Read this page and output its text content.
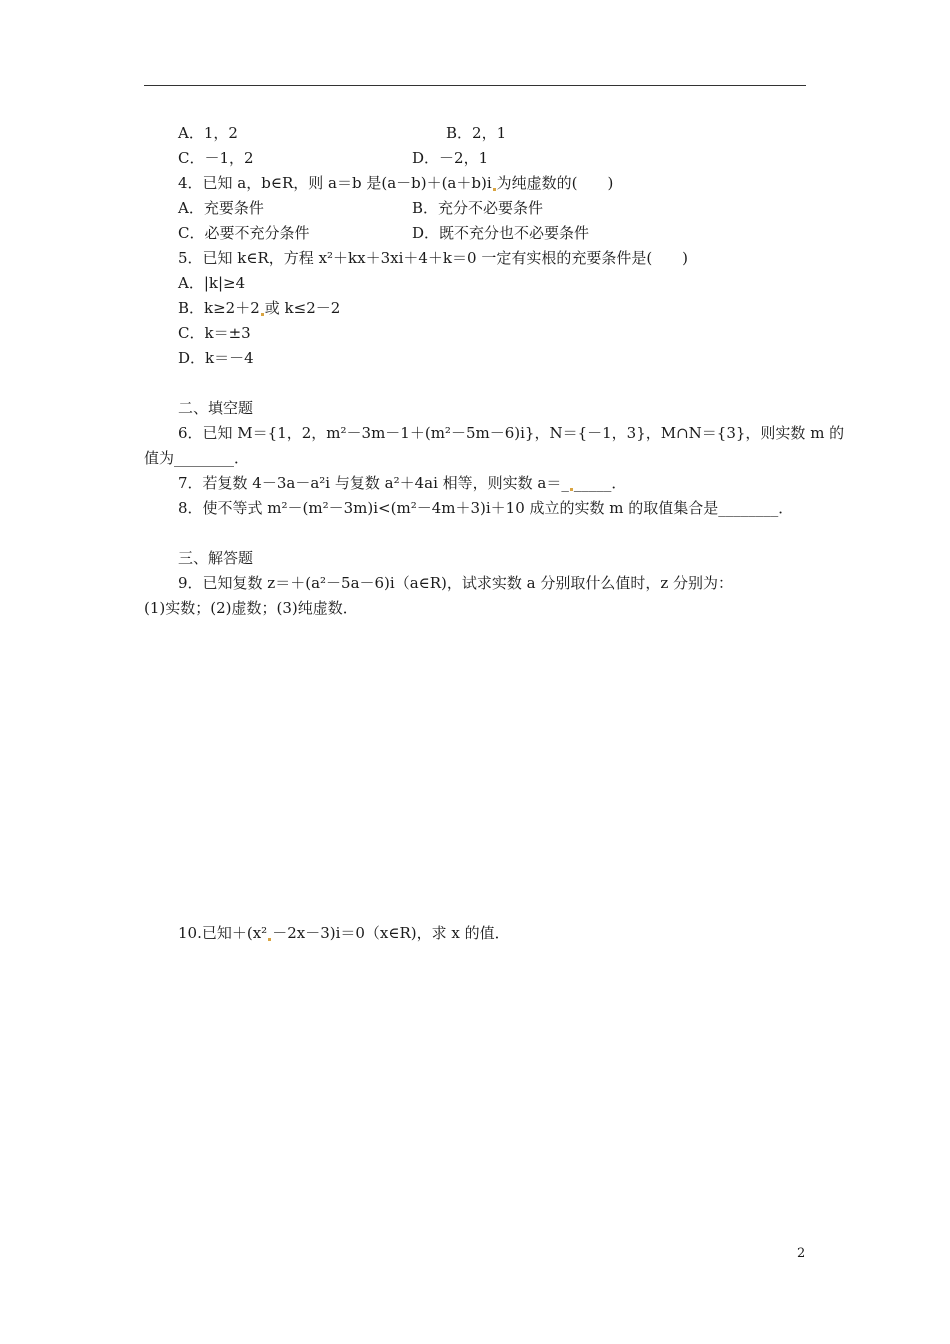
A．1，2	B．2，1
C．－1，2	D．－2，1
4．已知 a，b∈R，则 a＝b 是(a－b)＋(a＋b)i 为纯虚数的(　　)
A．充要条件	B．充分不必要条件
C．必要不充分条件	D．既不充分也不必要条件
5．已知 k∈R，方程 x²＋kx＋3xi＋4＋k＝0 一定有实根的充要条件是(　　)
A．|k|≥4
B．k≥2＋2 或 k≤2－2
C．k＝±3
D．k＝－4
二、填空题
6．已知 M＝{1，2，m²－3m－1＋(m²－5m－6)i}，N＝{－1，3}，M∩N＝{3}，则实数 m 的
值为________．
7．若复数 4－3a－a²i 与复数 a²＋4ai 相等，则实数 a＝_ _____．
8．使不等式 m²－(m²－3m)i<(m²－4m＋3)i＋10 成立的实数 m 的取值集合是________．
三、解答题
9．已知复数 z＝＋(a²－5a－6)i（a∈R)，试求实数 a 分别取什么值时，z 分别为：
(1)实数；(2)虚数；(3)纯虚数．
10.已知＋(x² －2x－3)i＝0（x∈R)，求 x 的值．
2
